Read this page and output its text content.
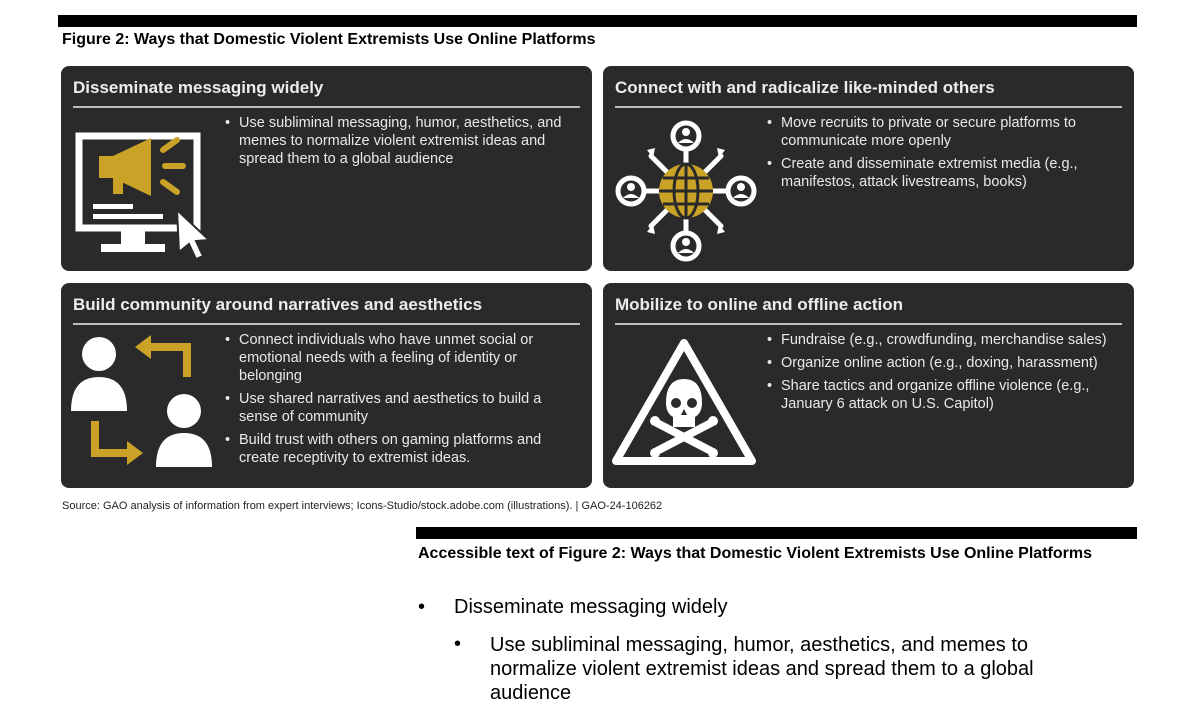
Figure 2: Ways that Domestic Violent Extremists Use Online Platforms
Disseminate messaging widely
• Use subliminal messaging, humor, aesthetics, and memes to normalize violent extremist ideas and spread them to a global audience
Connect with and radicalize like-minded others
• Move recruits to private or secure platforms to communicate more openly
• Create and disseminate extremist media (e.g., manifestos, attack livestreams, books)
Build community around narratives and aesthetics
• Connect individuals who have unmet social or emotional needs with a feeling of identity or belonging
• Use shared narratives and aesthetics to build a sense of community
• Build trust with others on gaming platforms and create receptivity to extremist ideas.
Mobilize to online and offline action
• Fundraise (e.g., crowdfunding, merchandise sales)
• Organize online action (e.g., doxing, harassment)
• Share tactics and organize offline violence (e.g., January 6 attack on U.S. Capitol)
Source: GAO analysis of information from expert interviews; Icons-Studio/stock.adobe.com (illustrations). | GAO-24-106262
Accessible text of Figure 2: Ways that Domestic Violent Extremists Use Online Platforms
• Disseminate messaging widely
• Use subliminal messaging, humor, aesthetics, and memes to normalize violent extremist ideas and spread them to a global audience
